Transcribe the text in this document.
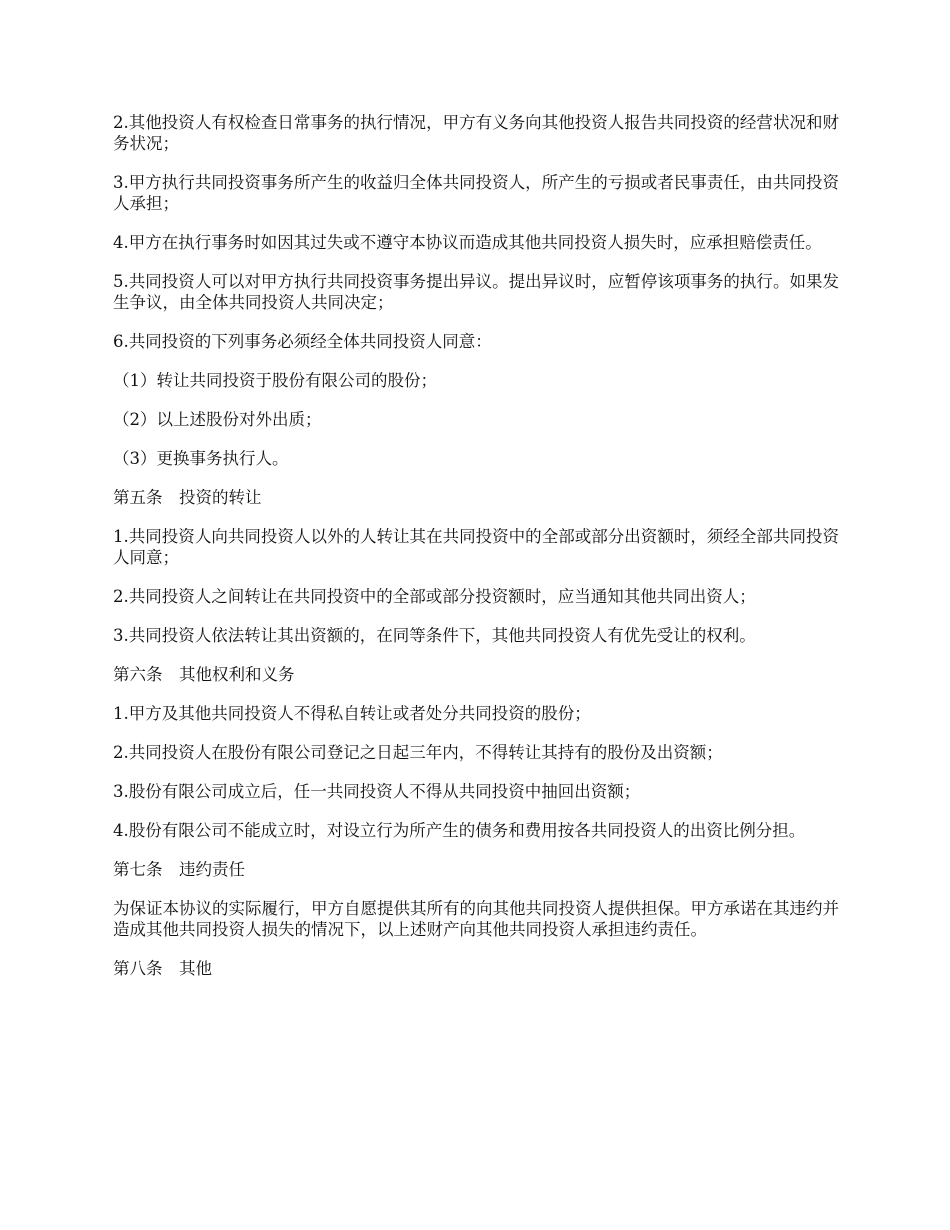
2.其他投资人有权检查日常事务的执行情况，甲方有义务向其他投资人报告共同投资的经营状况和财务状况；

3.甲方执行共同投资事务所产生的收益归全体共同投资人，所产生的亏损或者民事责任，由共同投资人承担；

4.甲方在执行事务时如因其过失或不遵守本协议而造成其他共同投资人损失时，应承担赔偿责任。

5.共同投资人可以对甲方执行共同投资事务提出异议。提出异议时，应暂停该项事务的执行。如果发生争议，由全体共同投资人共同决定；

6.共同投资的下列事务必须经全体共同投资人同意：

（1）转让共同投资于股份有限公司的股份；

（2）以上述股份对外出质；

（3）更换事务执行人。

第五条　投资的转让

1.共同投资人向共同投资人以外的人转让其在共同投资中的全部或部分出资额时，须经全部共同投资人同意；

2.共同投资人之间转让在共同投资中的全部或部分投资额时，应当通知其他共同出资人；

3.共同投资人依法转让其出资额的，在同等条件下，其他共同投资人有优先受让的权利。

第六条　其他权利和义务

1.甲方及其他共同投资人不得私自转让或者处分共同投资的股份；

2.共同投资人在股份有限公司登记之日起三年内，不得转让其持有的股份及出资额；

3.股份有限公司成立后，任一共同投资人不得从共同投资中抽回出资额；

4.股份有限公司不能成立时，对设立行为所产生的债务和费用按各共同投资人的出资比例分担。

第七条　违约责任

为保证本协议的实际履行，甲方自愿提供其所有的向其他共同投资人提供担保。甲方承诺在其违约并造成其他共同投资人损失的情况下，以上述财产向其他共同投资人承担违约责任。

第八条　其他
